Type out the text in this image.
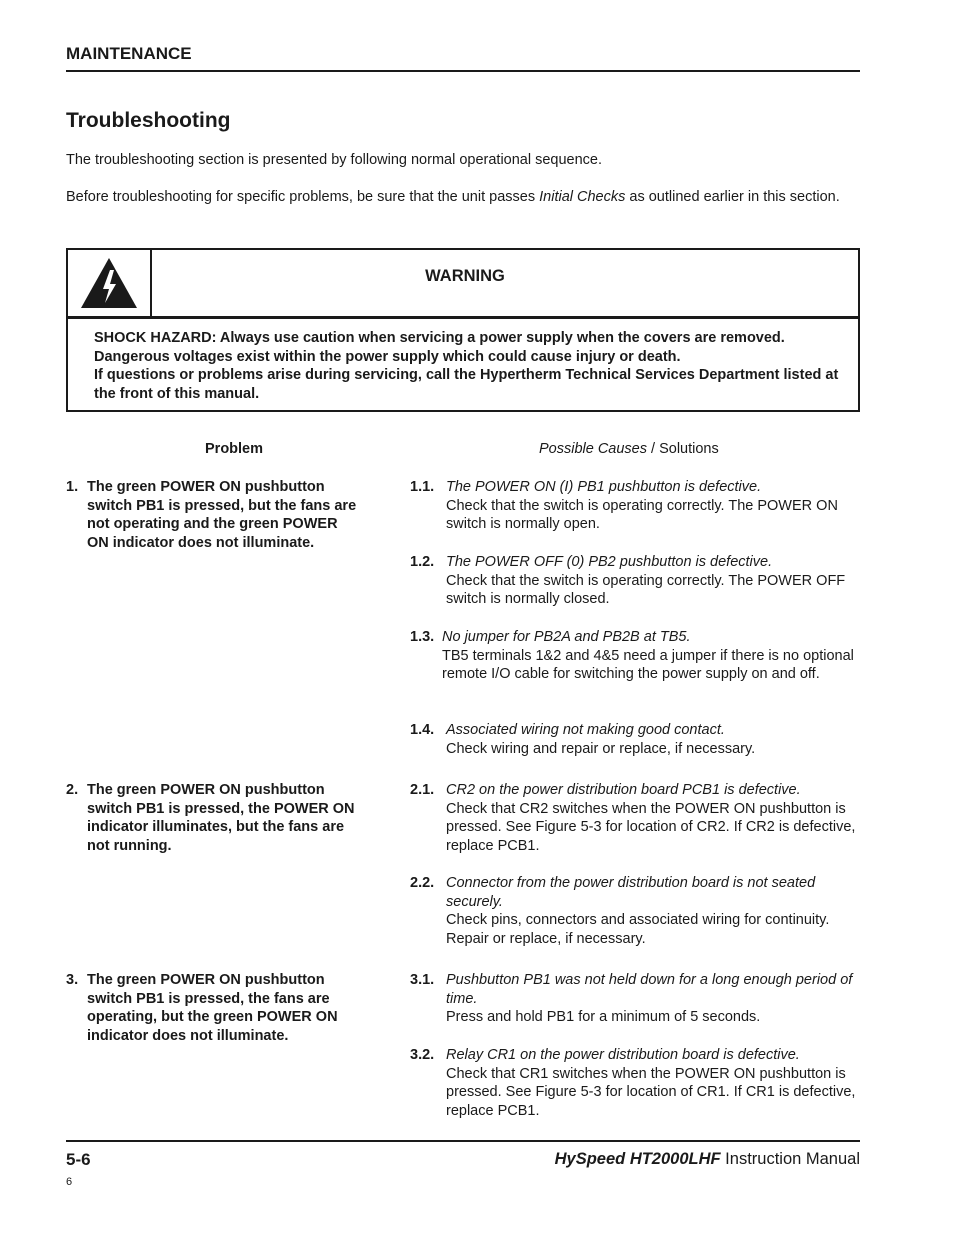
MAINTENANCE
Troubleshooting
The troubleshooting section is presented by following normal operational sequence.
Before troubleshooting for specific problems, be sure that the unit passes Initial Checks as outlined earlier in this section.
WARNING
SHOCK HAZARD: Always use caution when servicing a power supply when the covers are removed. Dangerous voltages exist within the power supply which could cause injury or death.
If questions or problems arise during servicing, call the Hypertherm Technical Services Department listed at the front of this manual.
Problem	Possible Causes / Solutions
1. The green POWER ON pushbutton switch PB1 is pressed, but the fans are not operating and the green POWER ON indicator does not illuminate.
2. The green POWER ON pushbutton switch PB1 is pressed, the POWER ON indicator illuminates, but the fans are not running.
3. The green POWER ON pushbutton switch PB1 is pressed, the fans are operating, but the green POWER ON indicator does not illuminate.
1.1. The POWER ON (I) PB1 pushbutton is defective.
Check that the switch is operating correctly. The POWER ON switch is normally open.
1.2. The POWER OFF (0) PB2 pushbutton is defective.
Check that the switch is operating correctly. The POWER OFF switch is normally closed.
1.3. No jumper for PB2A and PB2B at TB5.
TB5 terminals 1&2 and 4&5 need a jumper if there is no optional remote I/O cable for switching the power supply on and off.
1.4. Associated wiring not making good contact.
Check wiring and repair or replace, if necessary.
2.1. CR2 on the power distribution board PCB1 is defective.
Check that CR2 switches when the POWER ON pushbutton is pressed. See Figure 5-3 for location of CR2. If CR2 is defective, replace PCB1.
2.2. Connector from the power distribution board is not seated securely.
Check pins, connectors and associated wiring for continuity. Repair or replace, if necessary.
3.1. Pushbutton PB1 was not held down for a long enough period of time.
Press and hold PB1 for a minimum of 5 seconds.
3.2. Relay CR1 on the power distribution board is defective.
Check that CR1 switches when the POWER ON pushbutton is pressed. See Figure 5-3 for location of CR1. If CR1 is defective, replace PCB1.
5-6	HySpeed HT2000LHF Instruction Manual
6
